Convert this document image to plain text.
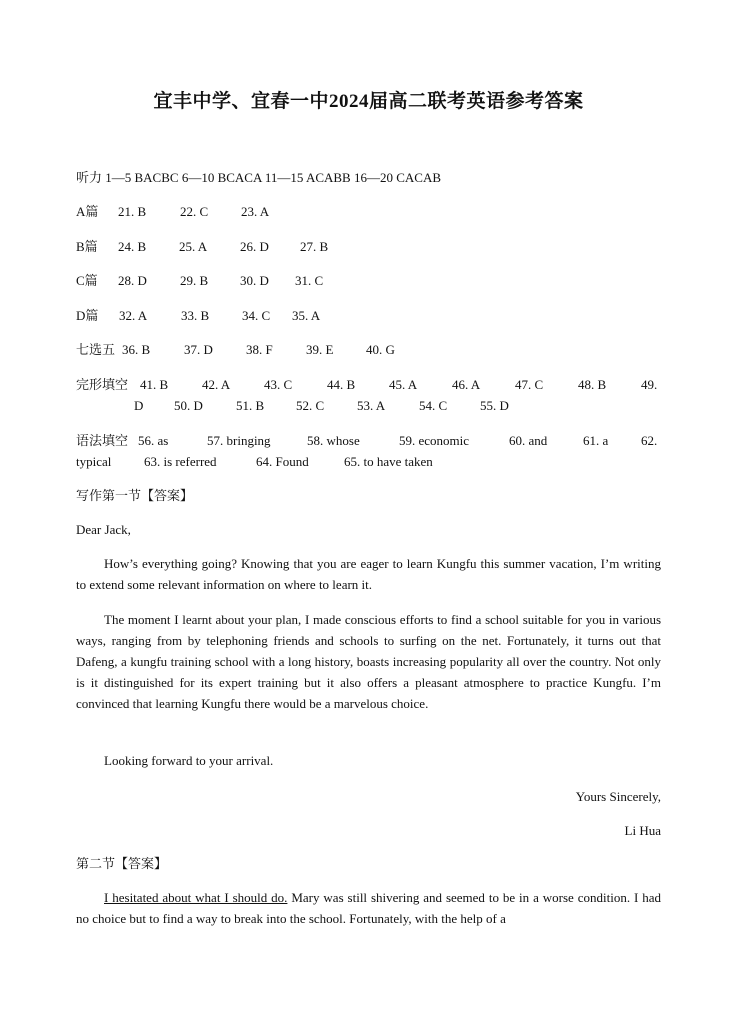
宜丰中学、宜春一中2024届高二联考英语参考答案
听力 1—5 BACBC 6—10 BCACA 11—15 ACABB 16—20 CACAB
A篇 21. B	22. C	23. A
B篇 24. B	25. A	26. D 27. B
C篇 28. D	29. B 30. D 31. C
D篇 32. A	33. B	34. C 35. A
七选五 36. B	37. D	38. F	39. E	40. G
完形填空 41. B	42. A	43. C	44. B	45. A	46. A	47. C	48. B	49.
D 50. D	51. B 52. C	53. A	54. C	55. D
语法填空 56. as	57. bringing	58. whose	59. economic	60. and	61. a	62.
typical	63. is referred	64. Found	65. to have taken
写作第一节【答案】
Dear Jack,
How’s everything going? Knowing that you are eager to learn Kungfu this summer vacation, I’m writing to extend some relevant information on where to learn it.
The moment I learnt about your plan, I made conscious efforts to find a school suitable for you in various ways, ranging from by telephoning friends and schools to surfing on the net. Fortunately, it turns out that Dafeng, a kungfu training school with a long history, boasts increasing popularity all over the country. Not only is it distinguished for its expert training but it also offers a pleasant atmosphere to practice Kungfu. I’m convinced that learning Kungfu there would be a marvelous choice.
Looking forward to your arrival.
Yours Sincerely,
Li Hua
第二节【答案】
I hesitated about what I should do. Mary was still shivering and seemed to be in a worse condition. I had no choice but to find a way to break into the school. Fortunately, with the help of a
